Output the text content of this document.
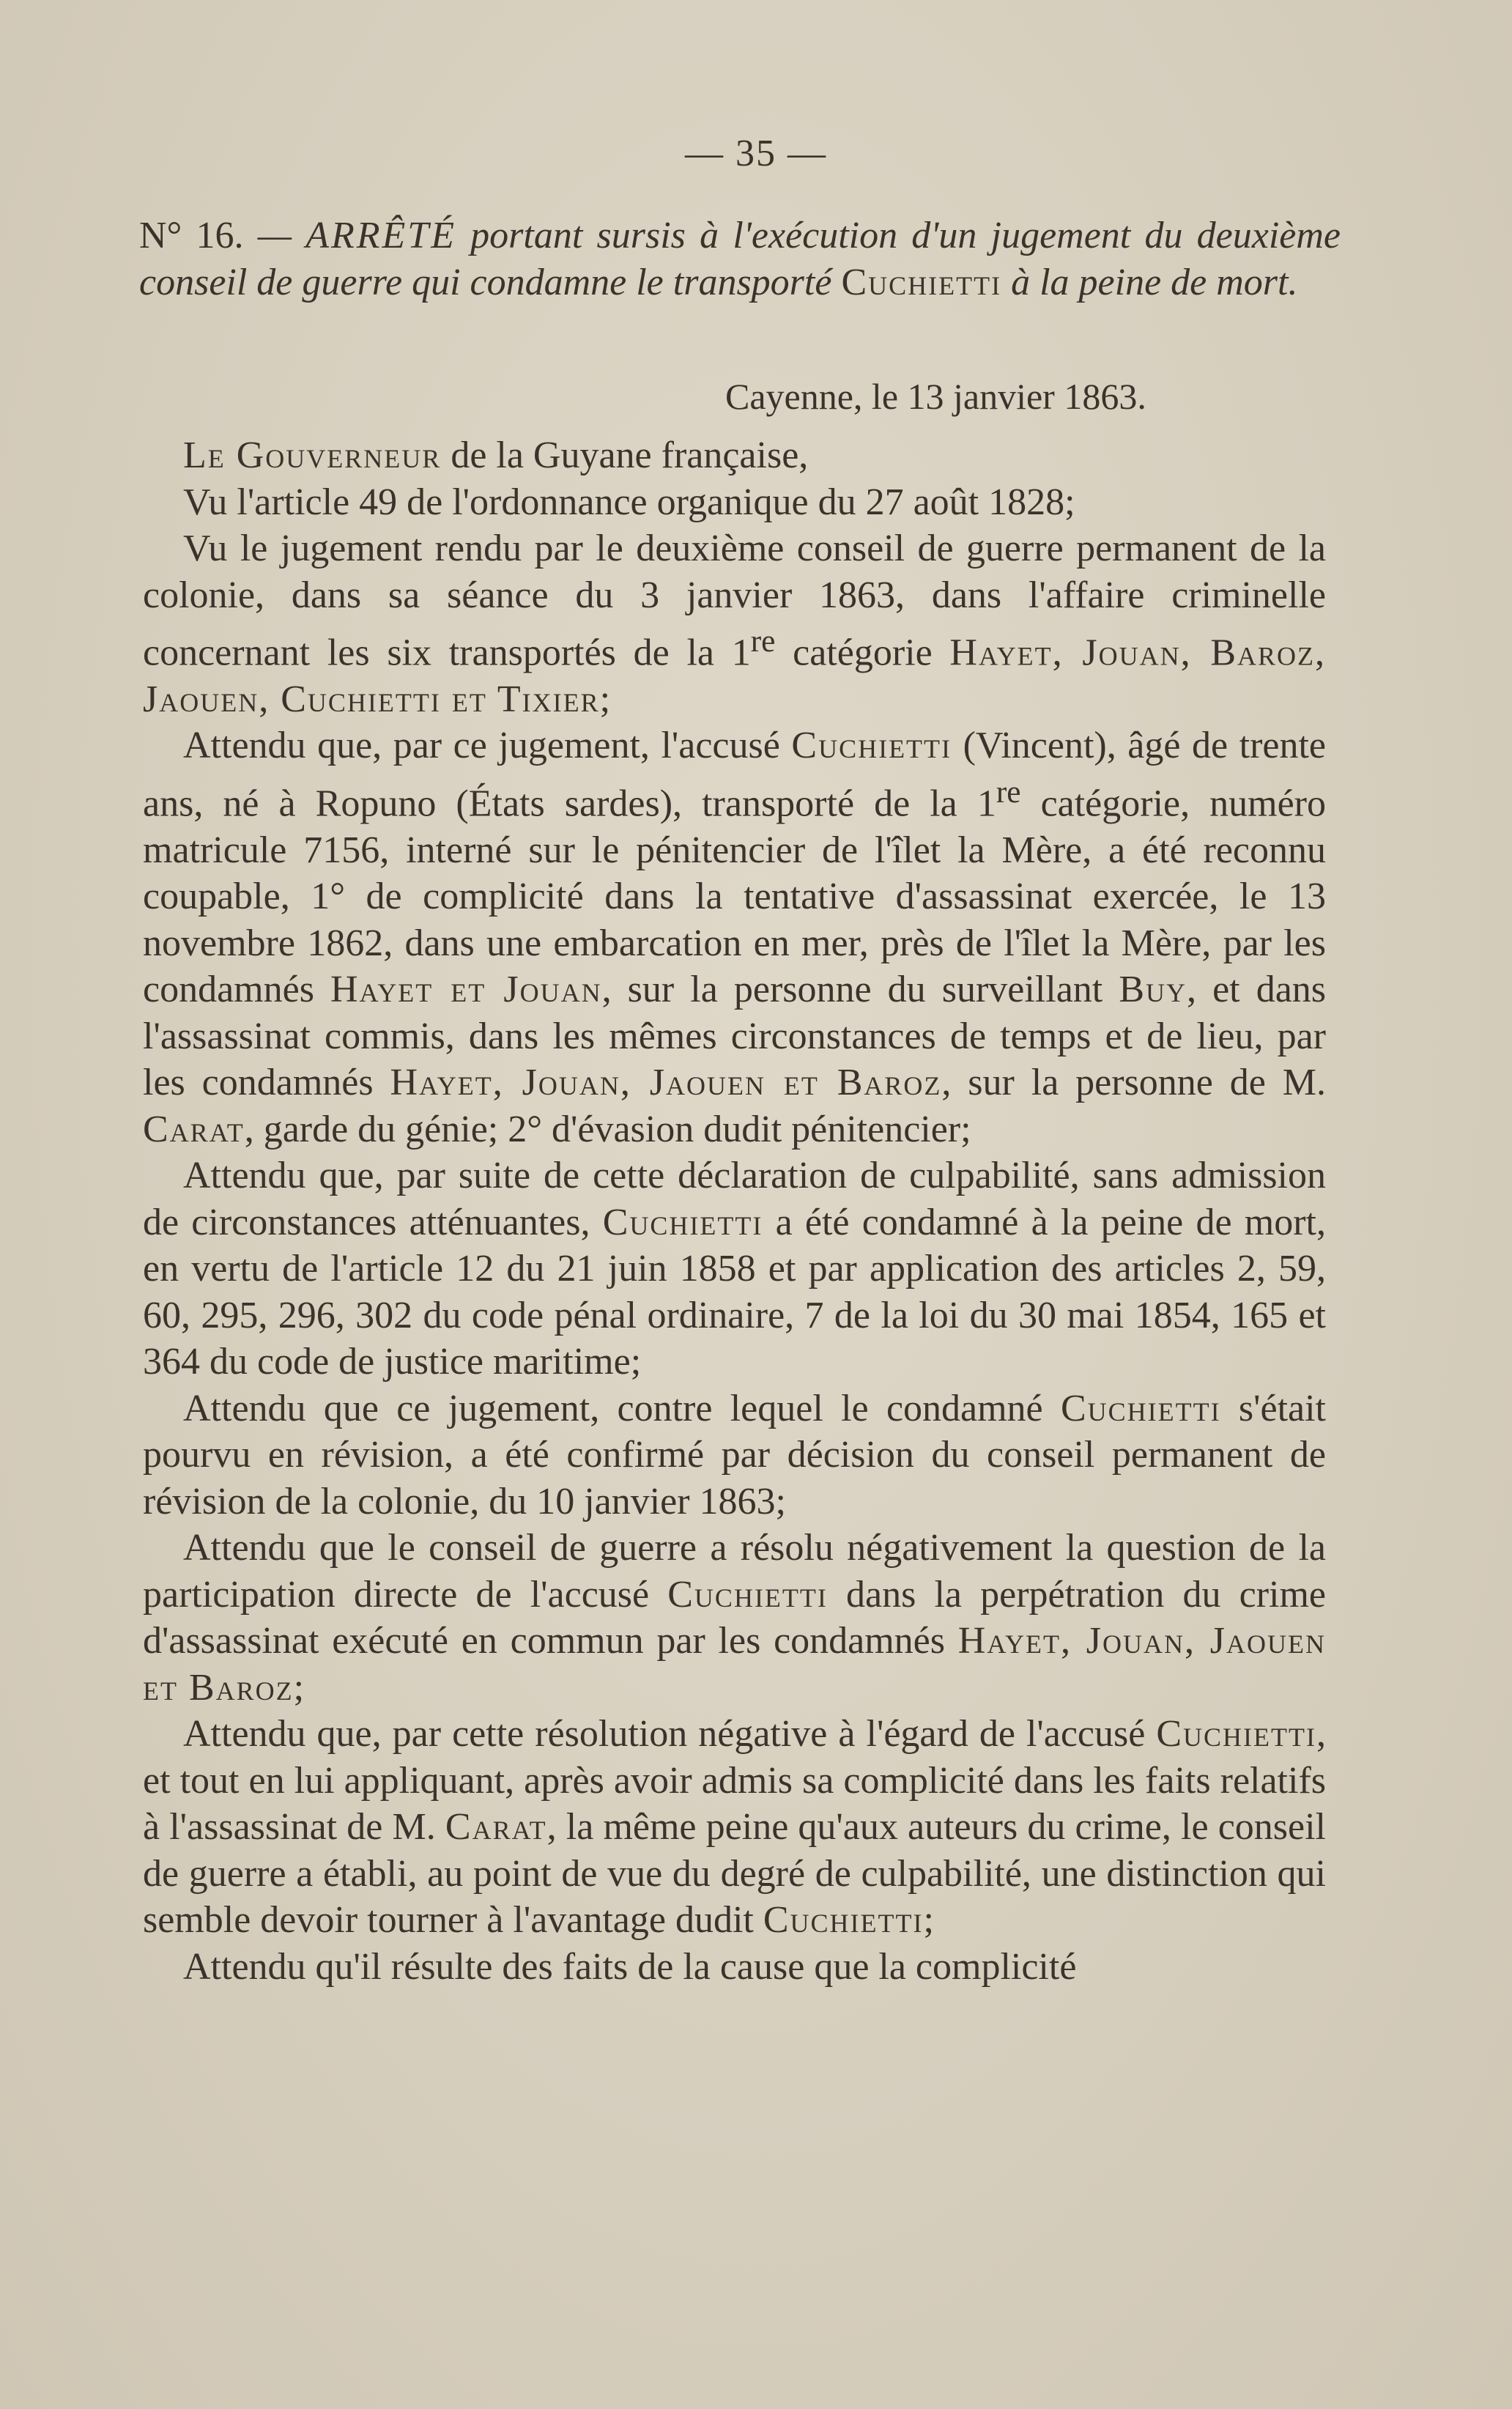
— 35 —
N° 16. — ARRÊTÉ portant sursis à l'exécution d'un jugement du deuxième conseil de guerre qui condamne le transporté Cuchietti à la peine de mort.
Cayenne, le 13 janvier 1863.

Le Gouverneur de la Guyane française,

Vu l'article 49 de l'ordonnance organique du 27 août 1828;

Vu le jugement rendu par le deuxième conseil de guerre permanent de la colonie, dans sa séance du 3 janvier 1863, dans l'affaire criminelle concernant les six transportés de la 1re catégorie Hayet, Jouan, Baroz, Jaouen, Cuchietti et Tixier;

Attendu que, par ce jugement, l'accusé Cuchietti (Vincent), âgé de trente ans, né à Ropuno (États sardes), transporté de la 1re catégorie, numéro matricule 7156, interné sur le pénitencier de l'îlet la Mère, a été reconnu coupable, 1° de complicité dans la tentative d'assassinat exercée, le 13 novembre 1862, dans une embarcation en mer, près de l'îlet la Mère, par les condamnés Hayet et Jouan, sur la personne du surveillant Buy, et dans l'assassinat commis, dans les mêmes circonstances de temps et de lieu, par les condamnés Hayet, Jouan, Jaouen et Baroz, sur la personne de M. Carat, garde du génie; 2° d'évasion dudit pénitencier;

Attendu que, par suite de cette déclaration de culpabilité, sans admission de circonstances atténuantes, Cuchietti a été condamné à la peine de mort, en vertu de l'article 12 du 21 juin 1858 et par application des articles 2, 59, 60, 295, 296, 302 du code pénal ordinaire, 7 de la loi du 30 mai 1854, 165 et 364 du code de justice maritime;

Attendu que ce jugement, contre lequel le condamné Cuchietti s'était pourvu en révision, a été confirmé par décision du conseil permanent de révision de la colonie, du 10 janvier 1863;

Attendu que le conseil de guerre a résolu négativement la question de la participation directe de l'accusé Cuchietti dans la perpétration du crime d'assassinat exécuté en commun par les condamnés Hayet, Jouan, Jaouen et Baroz;

Attendu que, par cette résolution négative à l'égard de l'accusé Cuchietti, et tout en lui appliquant, après avoir admis sa complicité dans les faits relatifs à l'assassinat de M. Carat, la même peine qu'aux auteurs du crime, le conseil de guerre a établi, au point de vue du degré de culpabilité, une distinction qui semble devoir tourner à l'avantage dudit Cuchietti;

Attendu qu'il résulte des faits de la cause que la complicité
